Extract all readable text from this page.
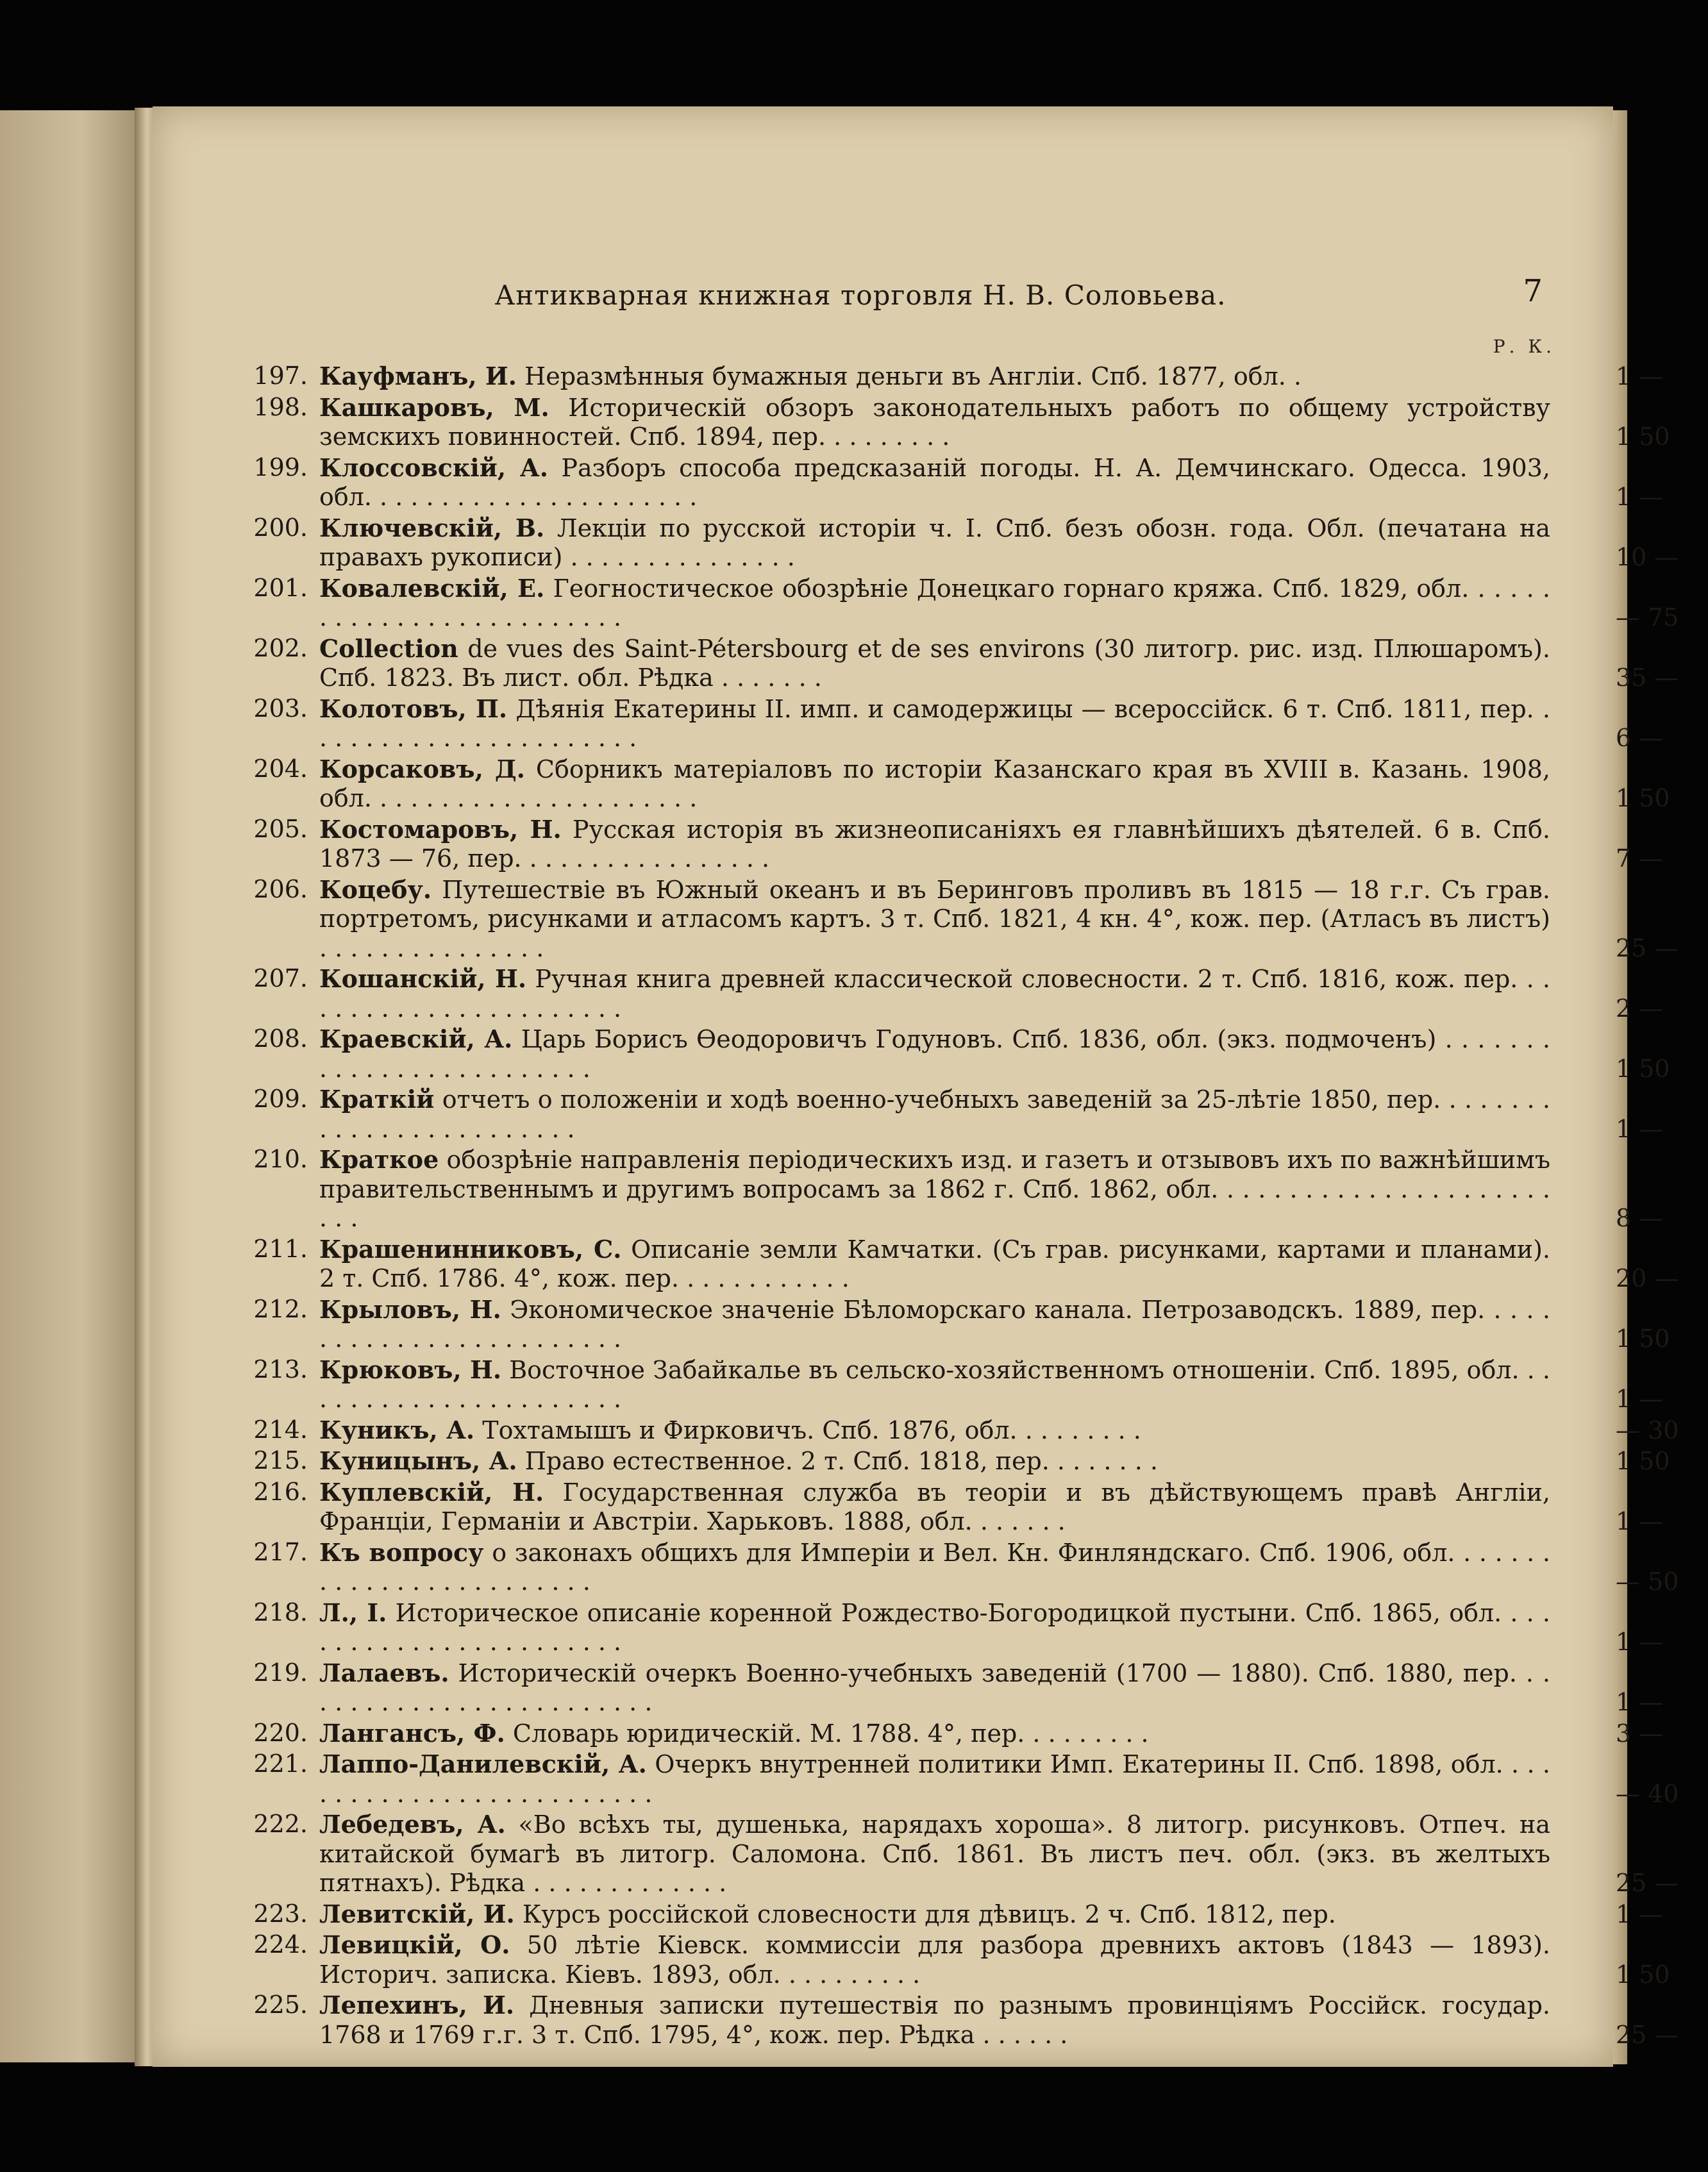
Антикварная книжная торговля Н. В. Соловьева.	7
Р. К.
197. Кауфманъ, И. Неразмѣнныя бумажныя деньги въ Англіи. Спб. 1877, обл. .	1 —
198. Кашкаровъ, М. Историческій обзоръ законодательныхъ работъ по общему устройству земскихъ повинностей. Спб. 1894, пер. . . . . . . . .	1 50
199. Клоссовскій, А. Разборъ способа предсказаній погоды. Н. А. Демчинскаго. Одесса. 1903, обл. . . . . . . . . . . . . . . . . . . . . .	1 —
200. Ключевскій, В. Лекціи по русской исторіи ч. I. Спб. безъ обозн. года. Обл. (печатана на правахъ рукописи) . . . . . . . . . . . . . . .	10 —
201. Ковалевскій, Е. Геогностическое обозрѣніе Донецкаго горнаго кряжа. Спб. 1829, обл. . . . . . . . . . . . . . . . . . . . . . . . . .	— 75
202. Collection de vues des Saint-Pétersbourg et de ses environs (30 литогр. рис. изд. Плюшаромъ). Спб. 1823. Въ лист. обл. Рѣдка . . . . . . .	35 —
203. Колотовъ, П. Дѣянія Екатерины II. имп. и самодержицы — всероссійск. 6 т. Спб. 1811, пер. . . . . . . . . . . . . . . . . . . . . . .	6 —
204. Корсаковъ, Д. Сборникъ матеріаловъ по исторіи Казанскаго края въ XVIII в. Казань. 1908, обл. . . . . . . . . . . . . . . . . . . . . .	1 50
205. Костомаровъ, Н. Русская исторія въ жизнеописаніяхъ ея главнѣйшихъ дѣятелей. 6 в. Спб. 1873 — 76, пер. . . . . . . . . . . . . . . . .	7 —
206. Коцебу. Путешествіе въ Южный океанъ и въ Беринговъ проливъ въ 1815 — 18 г.г. Съ грав. портретомъ, рисунками и атласомъ картъ. 3 т. Спб. 1821, 4 кн. 4°, кож. пер. (Атласъ въ листъ) . . . . . . . . . . . . . . .	25 —
207. Кошанскій, Н. Ручная книга древней классической словесности. 2 т. Спб. 1816, кож. пер. . . . . . . . . . . . . . . . . . . . . . .	2 —
208. Краевскій, А. Царь Борисъ Өеодоровичъ Годуновъ. Спб. 1836, обл. (экз. подмоченъ) . . . . . . . . . . . . . . . . . . . . . . . . .	1 50
209. Краткій отчетъ о положеніи и ходѣ военно-учебныхъ заведеній за 25-лѣтіе 1850, пер. . . . . . . . . . . . . . . . . . . . . . . . .	1 —
210. Краткое обозрѣніе направленія періодическихъ изд. и газетъ и отзывовъ ихъ по важнѣйшимъ правительственнымъ и другимъ вопросамъ за 1862 г. Спб. 1862, обл. . . . . . . . . . . . . . . . . . . . . . . . .	8 —
211. Крашенинниковъ, С. Описаніе земли Камчатки. (Съ грав. рисунками, картами и планами). 2 т. Спб. 1786. 4°, кож. пер. . . . . . . . . . . .	20 —
212. Крыловъ, Н. Экономическое значеніе Бѣломорскаго канала. Петрозаводскъ. 1889, пер. . . . . . . . . . . . . . . . . . . . . . . . .	1 50
213. Крюковъ, Н. Восточное Забайкалье въ сельско-хозяйственномъ отношеніи. Спб. 1895, обл. . . . . . . . . . . . . . . . . . . . . . .	1 —
214. Куникъ, А. Тохтамышъ и Фирковичъ. Спб. 1876, обл. . . . . . . . .	— 30
215. Куницынъ, А. Право естественное. 2 т. Спб. 1818, пер. . . . . . . .	1 50
216. Куплевскій, Н. Государственная служба въ теоріи и въ дѣйствующемъ правѣ Англіи, Франціи, Германіи и Австріи. Харьковъ. 1888, обл. . . . . . .	1 —
217. Къ вопросу о законахъ общихъ для Имперіи и Вел. Кн. Финляндскаго. Спб. 1906, обл. . . . . . . . . . . . . . . . . . . . . . . . .	— 50
218. Л., I. Историческое описаніе коренной Рождество-Богородицкой пустыни. Спб. 1865, обл. . . . . . . . . . . . . . . . . . . . . . . .	1 —
219. Лалаевъ. Историческій очеркъ Военно-учебныхъ заведеній (1700 — 1880). Спб. 1880, пер. . . . . . . . . . . . . . . . . . . . . . . . .	1 —
220. Лангансъ, Ф. Словарь юридическій. М. 1788. 4°, пер. . . . . . . . .	3 —
221. Лаппо-Данилевскій, А. Очеркъ внутренней политики Имп. Екатерины II. Спб. 1898, обл. . . . . . . . . . . . . . . . . . . . . . . . . .	— 40
222. Лебедевъ, А. «Во всѣхъ ты, душенька, нарядахъ хороша». 8 литогр. рисунковъ. Отпеч. на китайской бумагѣ въ литогр. Саломона. Спб. 1861. Въ листъ печ. обл. (экз. въ желтыхъ пятнахъ). Рѣдка . . . . . . . . . . . . .	25 —
223. Левитскій, И. Курсъ россійской словесности для дѣвицъ. 2 ч. Спб. 1812, пер.	1 —
224. Левицкій, О. 50 лѣтіе Кіевск. коммиссіи для разбора древнихъ актовъ (1843 — 1893). Историч. записка. Кіевъ. 1893, обл. . . . . . . . . .	1 50
225. Лепехинъ, И. Дневныя записки путешествія по разнымъ провинціямъ Россійск. государ. 1768 и 1769 г.г. 3 т. Спб. 1795, 4°, кож. пер. Рѣдка . . . . . .	25 —
